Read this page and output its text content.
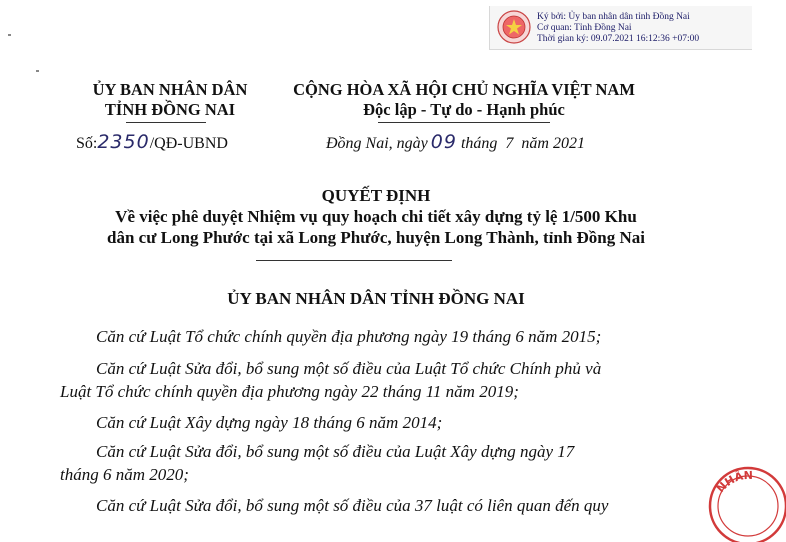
Ký bởi: Ủy ban nhân dân tỉnh Đồng Nai
Cơ quan: Tỉnh Đồng Nai
Thời gian ký: 09.07.2021 16:12:36 +07:00
ỦY BAN NHÂN DÂN
TỈNH ĐỒNG NAI
Số:2350/QĐ-UBND
CỘNG HÒA XÃ HỘI CHỦ NGHĨA VIỆT NAM
Độc lập - Tự do - Hạnh phúc
Đồng Nai, ngày 09 tháng  7  năm 2021
QUYẾT ĐỊNH
Về việc phê duyệt Nhiệm vụ quy hoạch chi tiết xây dựng tỷ lệ 1/500 Khu
dân cư Long Phước tại xã Long Phước, huyện Long Thành, tỉnh Đồng Nai
ỦY BAN NHÂN DÂN TỈNH ĐỒNG NAI
Căn cứ Luật Tổ chức chính quyền địa phương ngày 19 tháng 6 năm 2015;
Căn cứ Luật Sửa đổi, bổ sung một số điều của Luật Tổ chức Chính phủ và
Luật Tổ chức chính quyền địa phương ngày 22 tháng 11 năm 2019;
Căn cứ Luật Xây dựng ngày 18 tháng 6 năm 2014;
Căn cứ Luật Sửa đổi, bổ sung một số điều của Luật Xây dựng ngày 17
tháng 6 năm 2020;
Căn cứ Luật Sửa đổi, bổ sung một số điều của 37 luật có liên quan đến quy
NHÂN
